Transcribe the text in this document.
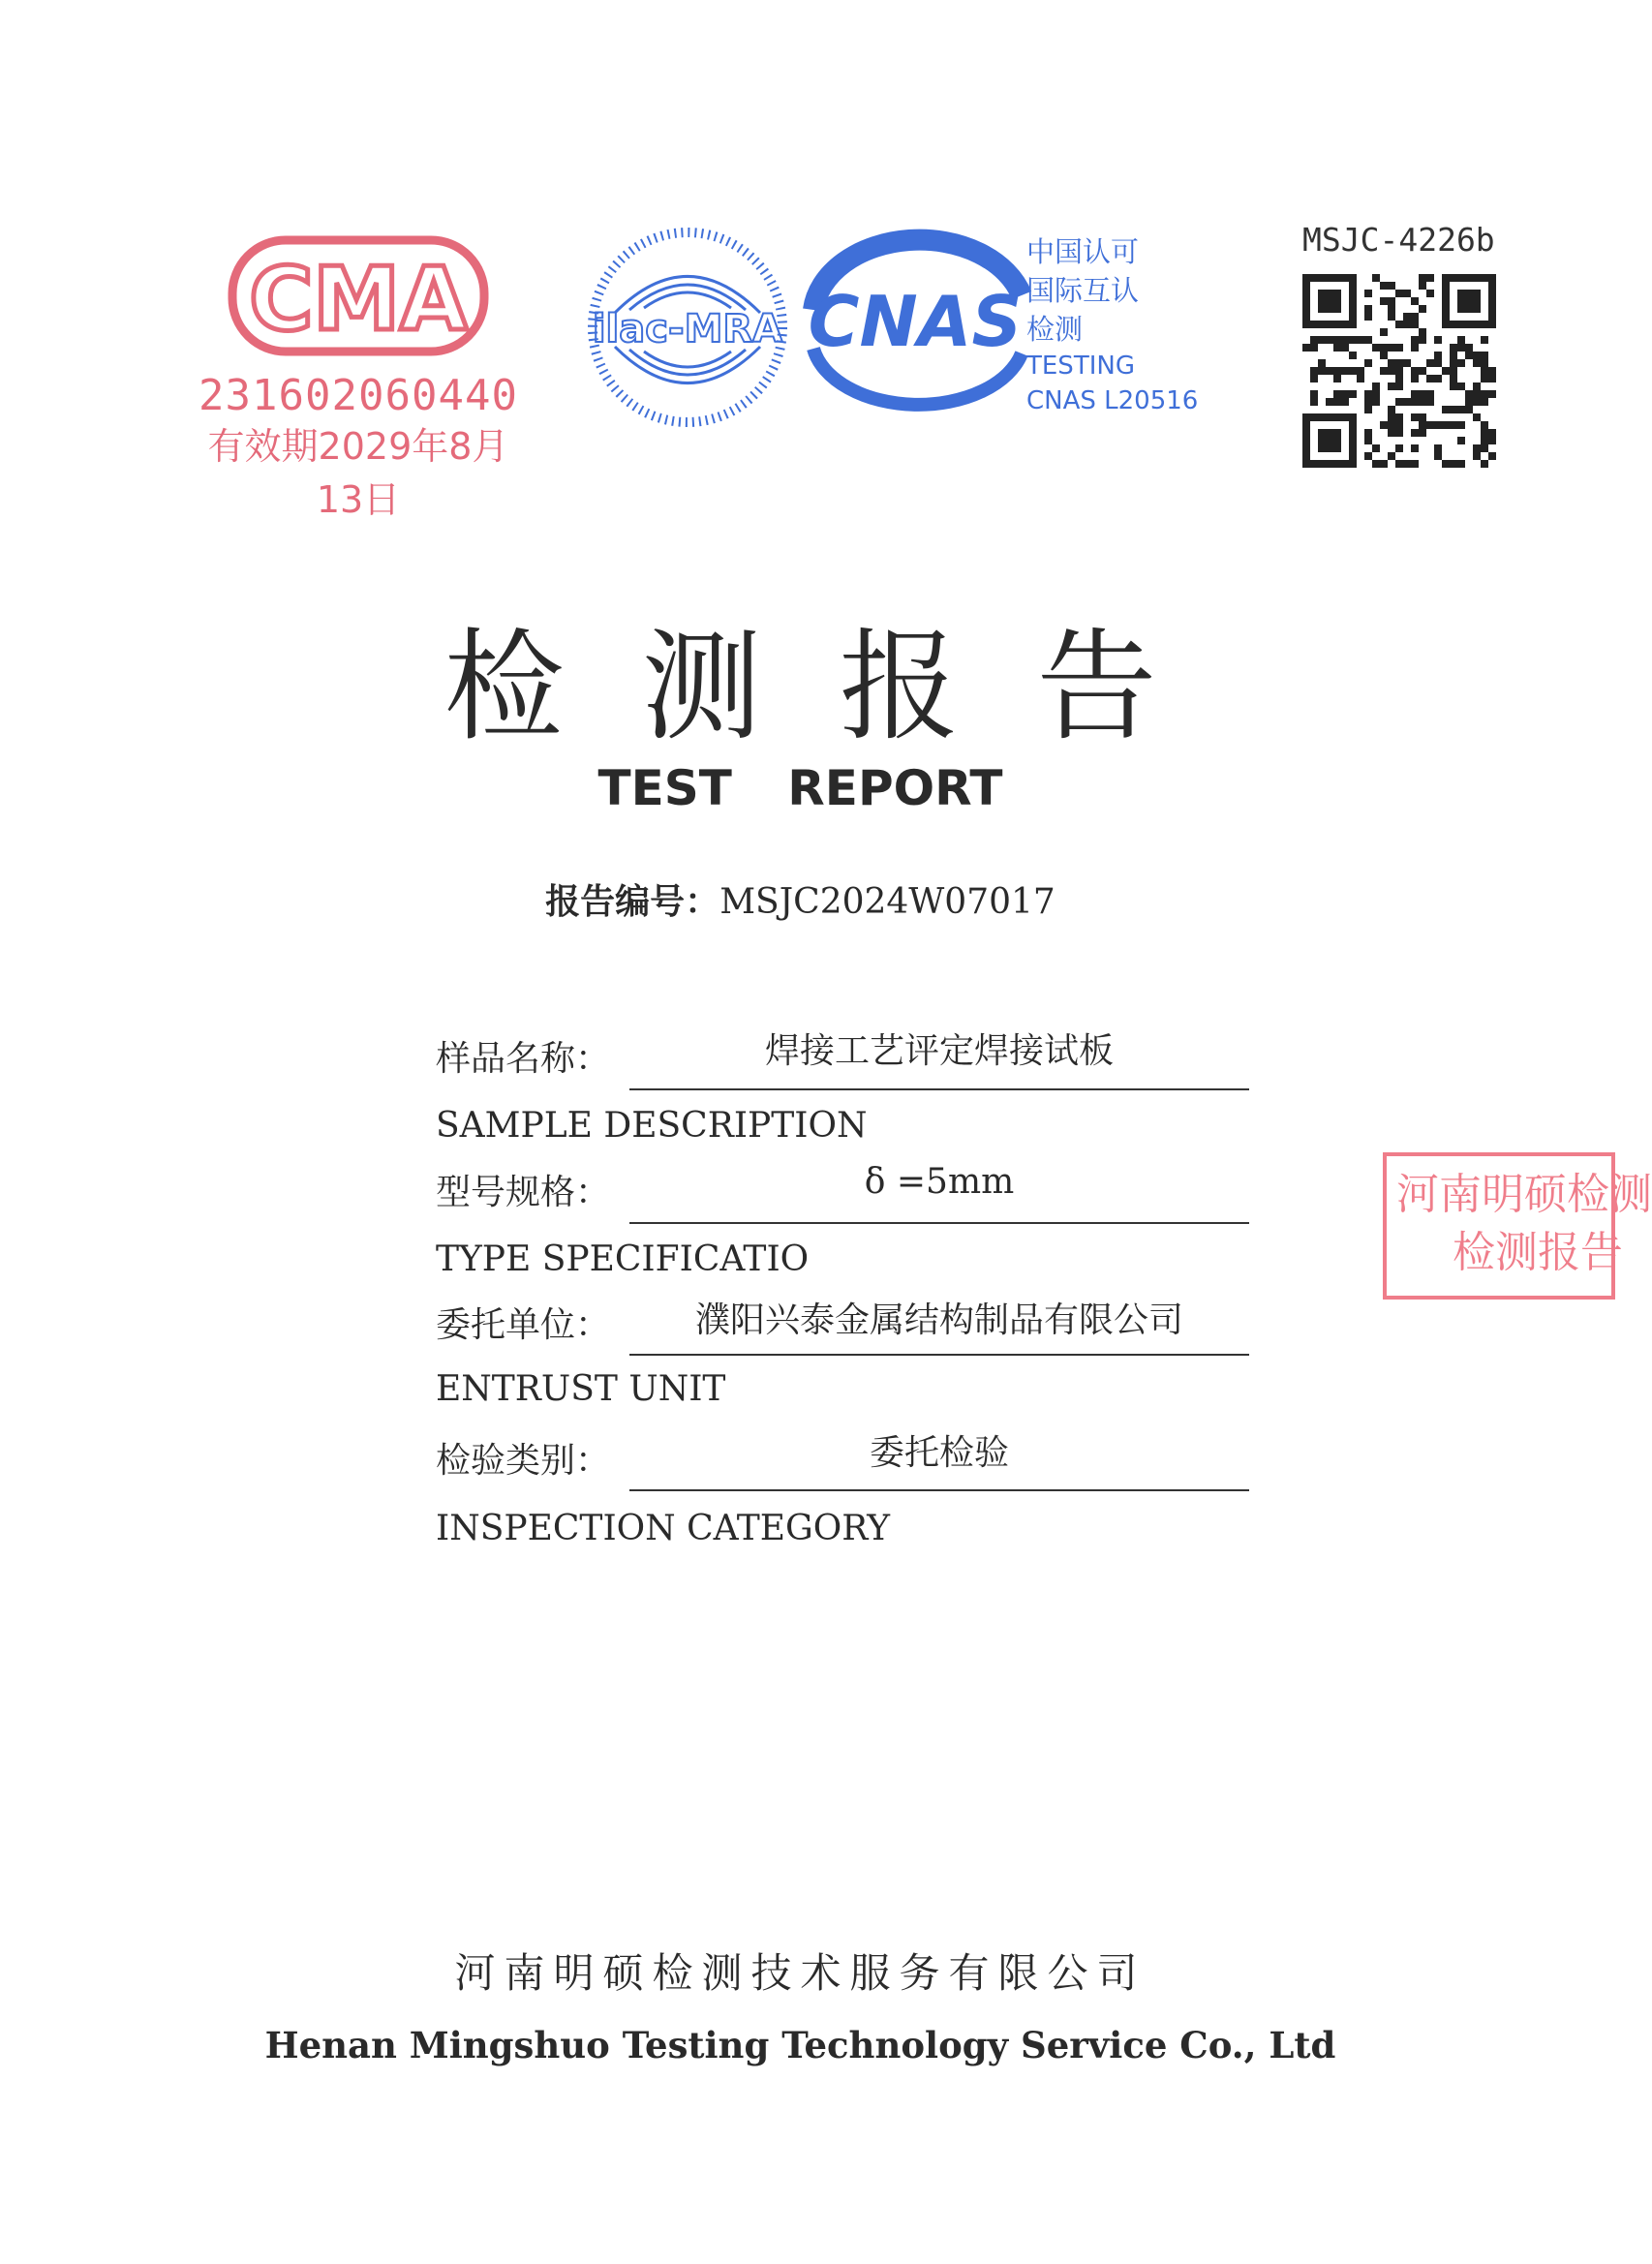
CMA
231602060440
有效期2029年8月13日
ilac-MRA CNAS
中国认可
国际互认
检测
TESTING
CNAS L20516
MSJC-4226b
检测报告
TEST REPORT
报告编号：MSJC2024W07017
样品名称：	焊接工艺评定焊接试板
SAMPLE DESCRIPTION
型号规格：	δ =5mm
TYPE SPECIFICATIO
委托单位：	濮阳兴泰金属结构制品有限公司
ENTRUST UNIT
检验类别：	委托检验
INSPECTION CATEGORY
河南明硕检测
检测报告
河南明硕检测技术服务有限公司
Henan Mingshuo Testing Technology Service Co., Ltd
